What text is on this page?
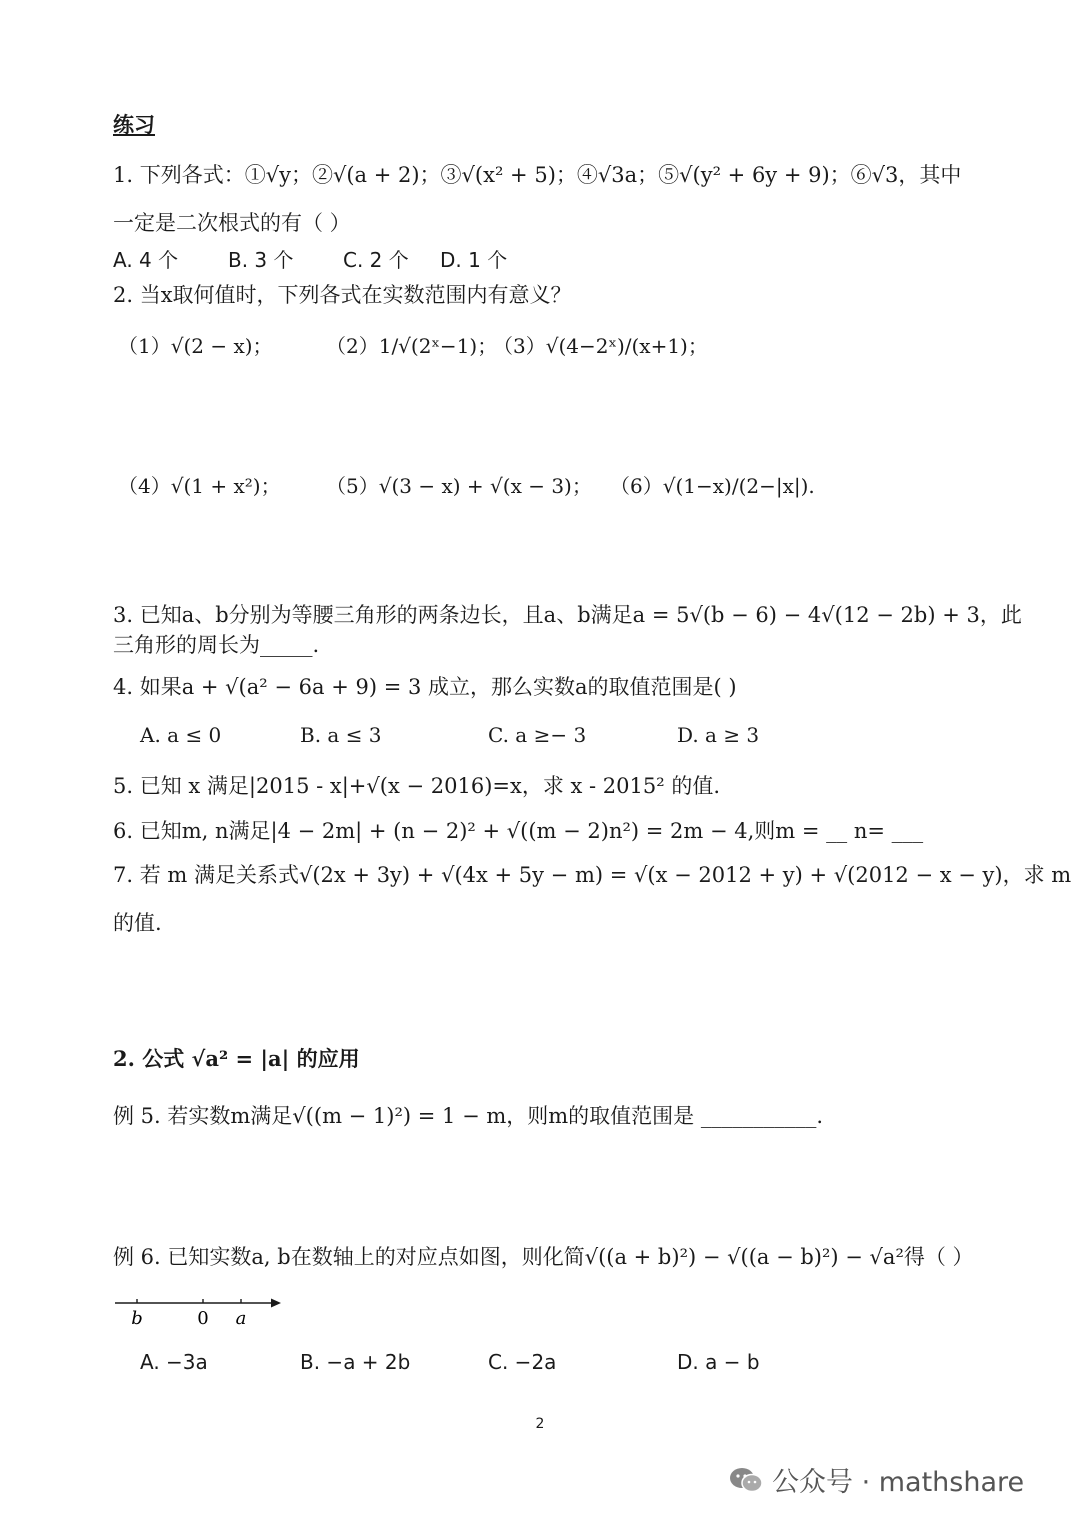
练习
1. 下列各式：①√y；②√(a + 2)；③√(x² + 5)；④√3a；⑤√(y² + 6y + 9)；⑥√3，其中
一定是二次根式的有（ ）
A. 4 个 B. 3 个 C. 2 个 D. 1 个
2. 当x取何值时，下列各式在实数范围内有意义？
（1）√(2 − x)；	（2）1/√(2ˣ−1)；
（3）√(4−2ˣ)/(x+1)；
（4）√(1 + x²)； （5）√(3 − x) + √(x − 3)； （6）√(1−x)/(2−|x|).
3. 已知a、b分别为等腰三角形的两条边长，且a、b满足a = 5√(b − 6) − 4√(12 − 2b) + 3，此
三角形的周长为_____.
4. 如果a + √(a² − 6a + 9) = 3 成立，那么实数a的取值范围是( )
A. a ≤ 0	B. a ≤ 3	C. a ≥− 3	D. a ≥ 3
5. 已知 x 满足|2015 - x|+√(x − 2016)=x，求 x - 2015² 的值.
6. 已知m, n满足|4 − 2m| + (n − 2)² + √((m − 2)n²) = 2m − 4,则m = __ n= ___
7. 若 m 满足关系式√(2x + 3y) + √(4x + 5y − m) = √(x − 2012 + y) + √(2012 − x − y)，求 m
的值.
2. 公式 √a² = |a| 的应用
例 5. 若实数m满足√((m − 1)²) = 1 − m，则m的取值范围是 ___________.
例 6. 已知实数a, b在数轴上的对应点如图，则化简√((a + b)²) − √((a − b)²) − √a²得（ ）
b	0 a
A. −3a	B. −a + 2b	C. −2a	D. a − b
2
公众号 · mathshare
